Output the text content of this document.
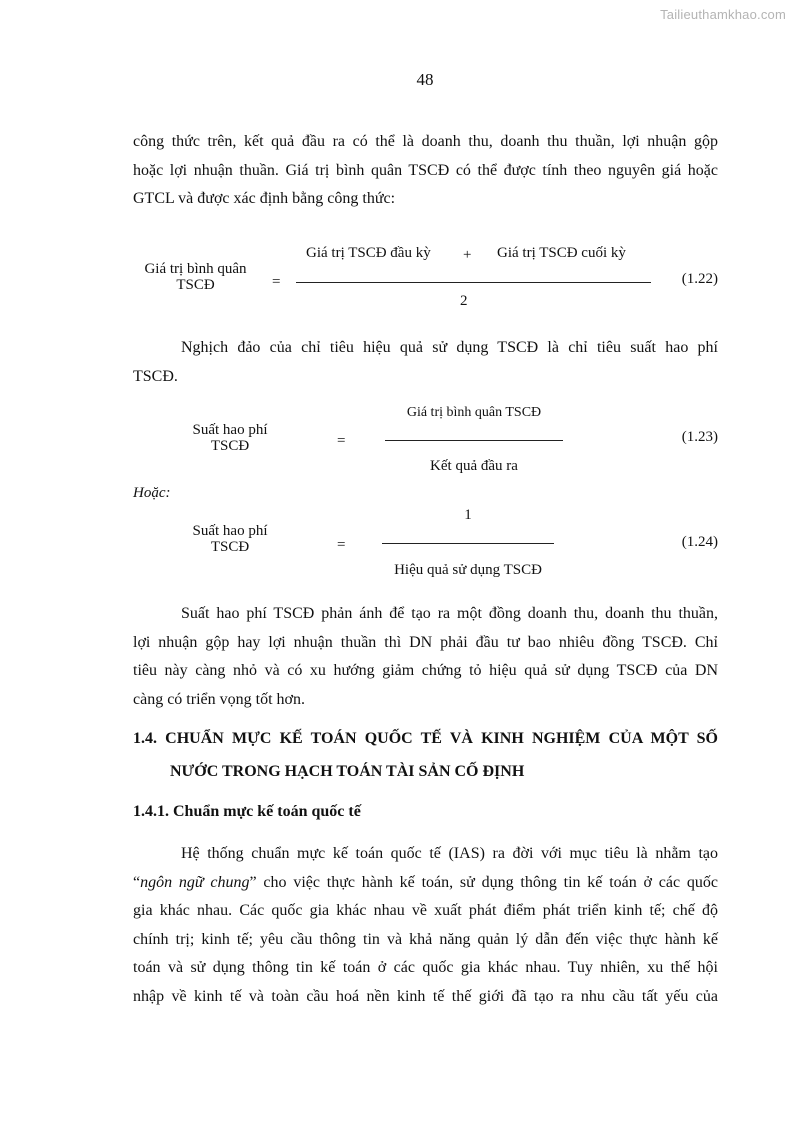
Tailieuthamkhao.com
48
công thức trên, kết quả đầu ra có thể là doanh thu, doanh thu thuần, lợi nhuận gộp
hoặc lợi nhuận thuần. Giá trị bình quân TSCĐ có thể được tính theo nguyên giá hoặc
GTCL và được xác định bằng công thức:
Giá trị bình quân
TSCĐ	=
Giá trị TSCĐ đầu kỳ + Giá trị TSCĐ cuối kỳ
2
(1.22)
Nghịch đảo của chỉ tiêu hiệu quả sử dụng TSCĐ là chỉ tiêu suất hao phí
TSCĐ.
Suất hao phí
TSCĐ	=
Giá trị bình quân TSCĐ
Kết quả đầu ra
(1.23)
Hoặc:
Suất hao phí
TSCĐ	=
1
Hiệu quả sử dụng TSCĐ
(1.24)
Suất hao phí TSCĐ phản ánh để tạo ra một đồng doanh thu, doanh thu thuần,
lợi nhuận gộp hay lợi nhuận thuần thì DN phải đầu tư bao nhiêu đồng TSCĐ. Chỉ
tiêu này càng nhỏ và có xu hướng giảm chứng tỏ hiệu quả sử dụng TSCĐ của DN
càng có triển vọng tốt hơn.
1.4. CHUẨN MỰC KẾ TOÁN QUỐC TẾ VÀ KINH NGHIỆM CỦA MỘT SỐ
NƯỚC TRONG HẠCH TOÁN TÀI SẢN CỐ ĐỊNH
1.4.1. Chuẩn mực kế toán quốc tế
Hệ thống chuẩn mực kế toán quốc tế (IAS) ra đời với mục tiêu là nhằm tạo
“ngôn ngữ chung” cho việc thực hành kế toán, sử dụng thông tin kế toán ở các quốc
gia khác nhau. Các quốc gia khác nhau về xuất phát điểm phát triển kinh tế; chế độ
chính trị; kinh tế; yêu cầu thông tin và khả năng quản lý dẫn đến việc thực hành kế
toán và sử dụng thông tin kế toán ở các quốc gia khác nhau. Tuy nhiên, xu thế hội
nhập về kinh tế và toàn cầu hoá nền kinh tế thế giới đã tạo ra nhu cầu tất yếu của
